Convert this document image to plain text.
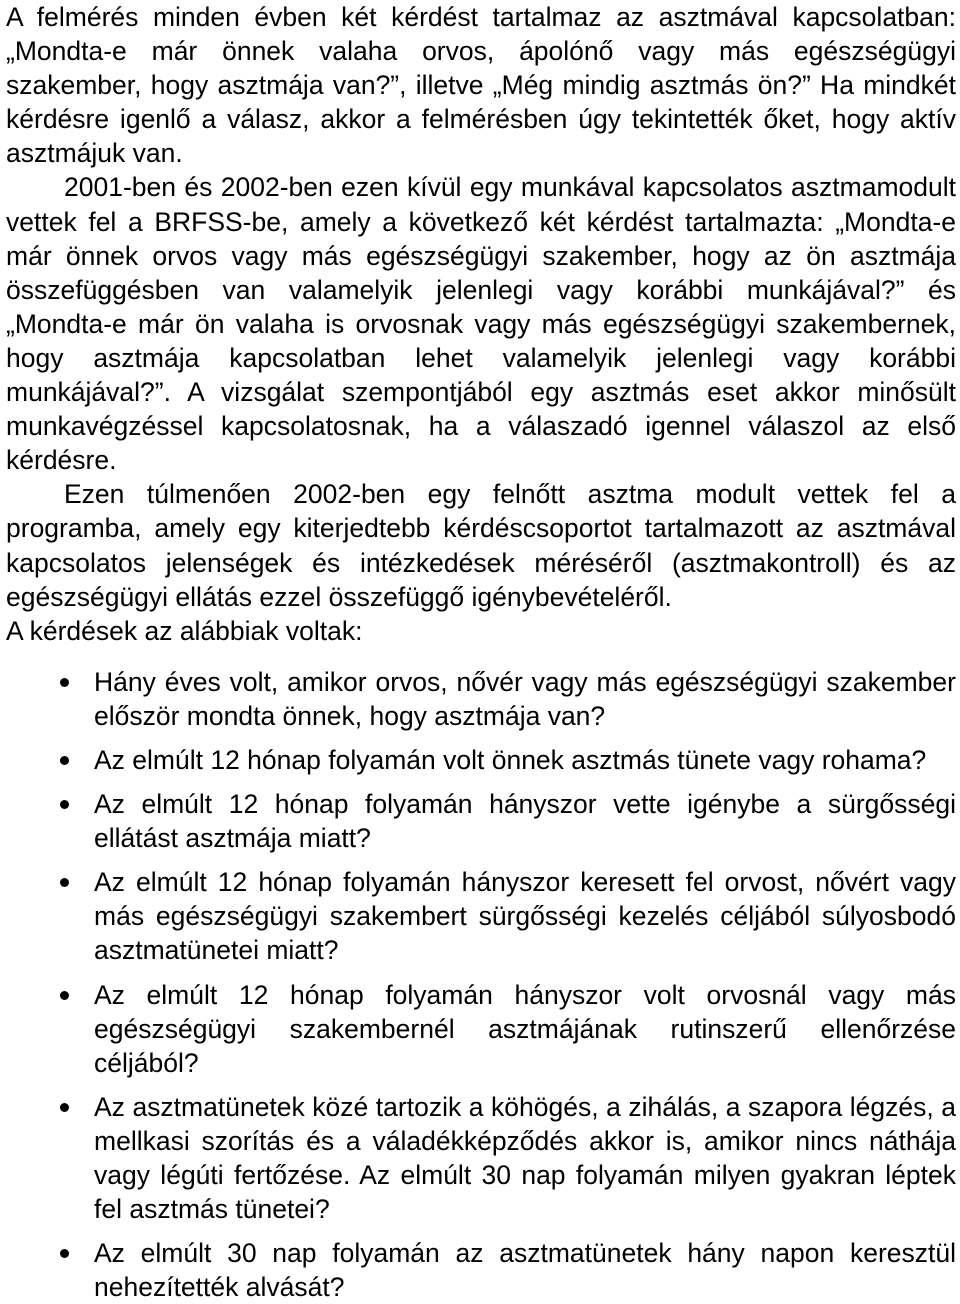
A felmérés minden évben két kérdést tartalmaz az asztmával kapcsolatban: „Mondta-e már önnek valaha orvos, ápolónő vagy más egészségügyi szakember, hogy asztmája van?”, illetve „Még mindig asztmás ön?” Ha mindkét kérdésre igenlő a válasz, akkor a felmérésben úgy tekintették őket, hogy aktív asztmájuk van.

2001-ben és 2002-ben ezen kívül egy munkával kapcsolatos asztmamodult vettek fel a BRFSS-be, amely a következő két kérdést tartalmazta: „Mondta-e már önnek orvos vagy más egészségügyi szakember, hogy az ön asztmája összefüggésben van valamelyik jelenlegi vagy korábbi munkájával?” és „Mondta-e már ön valaha is orvosnak vagy más egészségügyi szakembernek, hogy asztmája kapcsolatban lehet valamelyik jelenlegi vagy korábbi munkájával?”. A vizsgálat szempontjából egy asztmás eset akkor minősült munkavégzéssel kapcsolatosnak, ha a válaszadó igennel válaszol az első kérdésre.

Ezen túlmenően 2002-ben egy felnőtt asztma modult vettek fel a programba, amely egy kiterjedtebb kérdéscsoportot tartalmazott az asztmával kapcsolatos jelenségek és intézkedések méréséről (asztmakontroll) és az egészségügyi ellátás ezzel összefüggő igénybevételéről.

A kérdések az alábbiak voltak:

Hány éves volt, amikor orvos, nővér vagy más egészségügyi szakember először mondta önnek, hogy asztmája van?
Az elmúlt 12 hónap folyamán volt önnek asztmás tünete vagy rohama?
Az elmúlt 12 hónap folyamán hányszor vette igénybe a sürgősségi ellátást asztmája miatt?
Az elmúlt 12 hónap folyamán hányszor keresett fel orvost, nővért vagy más egészségügyi szakembert sürgősségi kezelés céljából súlyosbodó asztmatünetei miatt?
Az elmúlt 12 hónap folyamán hányszor volt orvosnál vagy más egészségügyi szakembernél asztmájának rutinszerű ellenőrzése céljából?
Az asztmatünetek közé tartozik a köhögés, a zihálás, a szapora légzés, a mellkasi szorítás és a váladékképződés akkor is, amikor nincs náthája vagy légúti fertőzése. Az elmúlt 30 nap folyamán milyen gyakran léptek fel asztmás tünetei?
Az elmúlt 30 nap folyamán az asztmatünetek hány napon keresztül nehezítették alvását?
